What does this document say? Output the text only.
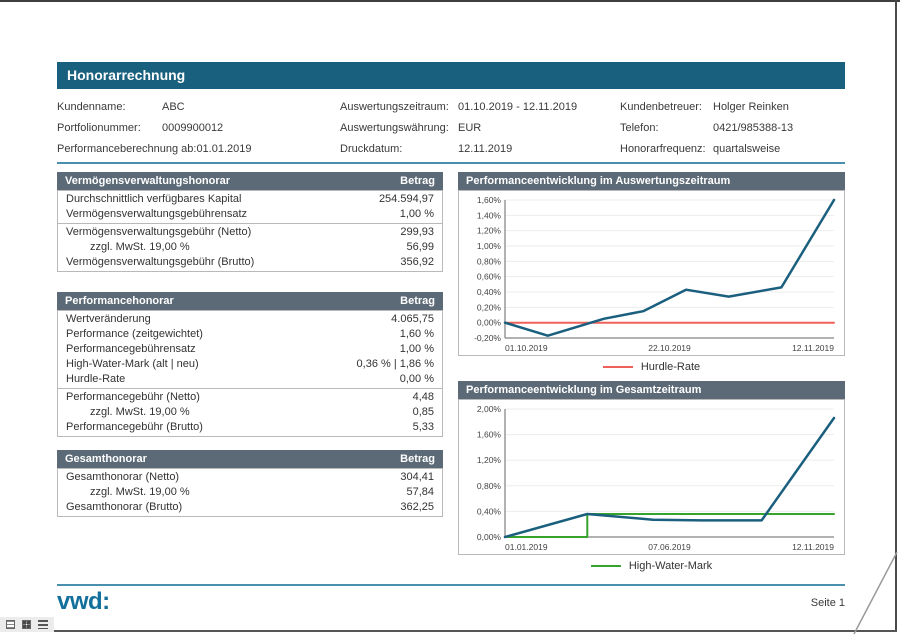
Honorarrechnung
Kundenname:	ABC
Portfolionummer:	0009900012
Performanceberechnung ab: 01.01.2019
Auswertungszeitraum: 01.10.2019 - 12.11.2019
Auswertungswährung: EUR
Druckdatum:	12.11.2019
Kundenbetreuer:	Holger Reinken
Telefon:	0421/985388-13
Honorarfrequenz: quartalsweise
Vermögensverwaltungshonorar	Betrag
Durchschnittlich verfügbares Kapital	254.594,97
Vermögensverwaltungsgebührensatz	1,00 %
Vermögensverwaltungsgebühr (Netto)	299,93
zzgl. MwSt. 19,00 %	56,99
Vermögensverwaltungsgebühr (Brutto)	356,92
Performancehonorar	Betrag
Wertveränderung	4.065,75
Performance (zeitgewichtet)	1,60 %
Performancegebührensatz	1,00 %
High-Water-Mark (alt | neu)	0,36 % | 1,86 %
Hurdle-Rate	0,00 %
Performancegebühr (Netto)	4,48
zzgl. MwSt. 19,00 %	0,85
Performancegebühr (Brutto)	5,33
Gesamthonorar	Betrag
Gesamthonorar (Netto)	304,41
zzgl. MwSt. 19,00 %	57,84
Gesamthonorar (Brutto)	362,25
Performanceentwicklung im Auswertungszeitraum
1,60%
1,40%
1,20%
1,00%
0,80%
0,60%
0,40%
0,20%
0,00%
-0,20%
01.10.2019	22.10.2019	12.11.2019
Hurdle-Rate
Performanceentwicklung im Gesamtzeitraum
2,00%
1,60%
1,20%
0,80%
0,40%
0,00%
01.01.2019	07.06.2019	12.11.2019
High-Water-Mark
vwd:	Seite 1
